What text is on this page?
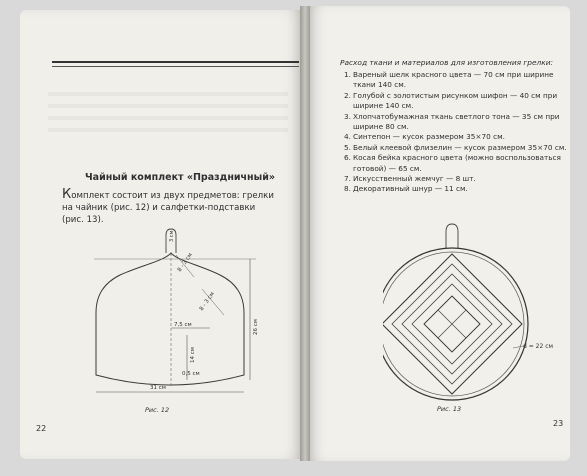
Чайный комплект «Праздничный»
Комплект состоит из двух предметов: грелки на чайник (рис. 12) и салфетки-подставки (рис. 13).
3 см
8 - 3 см
8 - 3 см
7,5 см	26 см
14 см
0,5 см
31 см
Рис. 12
22
Расход ткани и материалов для изготовления грелки:
1. Вареный шелк красного цвета — 70 см при ширине ткани 140 см.
2. Голубой с золотистым рисунком шифон — 40 см при ширине 140 см.
3. Хлопчатобумажная ткань светлого тона — 35 см при ширине 80 см.
4. Синтепон — кусок размером 35×70 см.
5. Белый клеевой флизелин — кусок размером 35×70 см.
6. Косая бейка красного цвета (можно воспользоваться готовой) — 65 см.
7. Искусственный жемчуг — 8 шт.
8. Декоративный шнур — 11 см.
d = 22 см
Рис. 13
23
